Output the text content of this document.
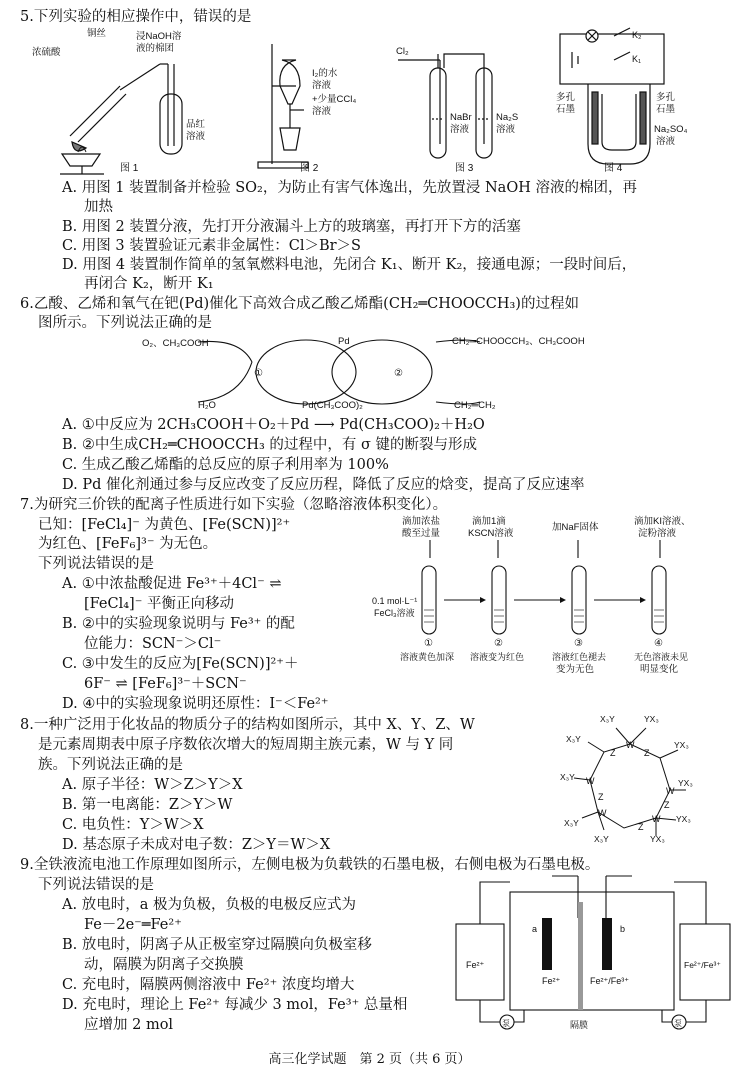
5.下列实验的相应操作中，错误的是
铜丝
浓硫酸
浸NaOH溶
液的棉团
品红
溶液
图 1
I₂的水
溶液
+少量CCl₄
溶液
图 2
Cl₂
NaBr
溶液
Na₂S
溶液
图 3
K₂
K₁
多孔
石墨
多孔
石墨
Na₂SO₄
溶液
图 4
A. 用图 1 装置制备并检验 SO₂，为防止有害气体逸出，先放置浸 NaOH 溶液的棉团，再
加热
B. 用图 2 装置分液，先打开分液漏斗上方的玻璃塞，再打开下方的活塞
C. 用图 3 装置验证元素非金属性：Cl＞Br＞S
D. 用图 4 装置制作简单的氢氧燃料电池，先闭合 K₁、断开 K₂，接通电源；一段时间后，
再闭合 K₂，断开 K₁
6.乙酸、乙烯和氧气在钯(Pd)催化下高效合成乙酸乙烯酯(CH₂═CHOOCCH₃)的过程如
图所示。下列说法正确的是
O₂、CH₃COOH	Pd	CH₂═CHOOCCH₃、CH₃COOH
①	②
H₂O	Pd(CH₃COO)₂	CH₂═CH₂
A. ①中反应为 2CH₃COOH＋O₂＋Pd ⟶ Pd(CH₃COO)₂＋H₂O
B. ②中生成CH₂═CHOOCCH₃ 的过程中，有 σ 键的断裂与形成
C. 生成乙酸乙烯酯的总反应的原子利用率为 100%
D. Pd 催化剂通过参与反应改变了反应历程，降低了反应的焓变，提高了反应速率
7.为研究三价铁的配离子性质进行如下实验（忽略溶液体积变化）。
已知：[FeCl₄]⁻ 为黄色、[Fe(SCN)]²⁺
为红色、[FeF₆]³⁻ 为无色。
下列说法错误的是
A. ①中浓盐酸促进 Fe³⁺＋4Cl⁻ ⇌
[FeCl₄]⁻ 平衡正向移动
B. ②中的实验现象说明与 Fe³⁺ 的配
位能力：SCN⁻＞Cl⁻
C. ③中发生的反应为[Fe(SCN)]²⁺＋
6F⁻ ⇌ [FeF₆]³⁻＋SCN⁻
D. ④中的实验现象说明还原性：I⁻＜Fe²⁺
滴加浓盐
酸至过量
滴加1滴
KSCN溶液
加NaF固体
滴加KI溶液、
淀粉溶液
0.1 mol·L⁻¹
FeCl₃溶液
①	②	③	④
溶液黄色加深 溶液变为红色	溶液红色褪去	无色溶液未见
变为无色	明显变化
8.一种广泛用于化妆品的物质分子的结构如图所示，其中 X、Y、Z、W
是元素周期表中原子序数依次增大的短周期主族元素，W 与 Y 同
族。下列说法正确的是
A. 原子半径：W＞Z＞Y＞X
B. 第一电离能：Z＞Y＞W
C. 电负性：Y＞W＞X
D. 基态原子未成对电子数：Z＞Y＝W＞X
W
W
W
W
W
Z
Z
Z
Z
Z
X₃Y	YX₃
X₃Y
YX₃
X₃Y
YX₃
X₃Y	YX₃
X₃Y	YX₃
9.全铁液流电池工作原理如图所示，左侧电极为负载铁的石墨电极，右侧电极为石墨电极。
下列说法错误的是
A. 放电时，a 极为负极，负极的电极反应式为
Fe－2e⁻═Fe²⁺
B. 放电时，阴离子从正极室穿过隔膜向负极室移
动，隔膜为阴离子交换膜
C. 充电时，隔膜两侧溶液中 Fe²⁺ 浓度均增大
D. 充电时，理论上 Fe²⁺ 每减少 3 mol，Fe³⁺ 总量相
应增加 2 mol
Fe²⁺
a
Fe²⁺	Fe²⁺/Fe³⁺
b
Fe²⁺/Fe³⁺
隔膜
泵	泵
高三化学试题　第 2 页（共 6 页）
